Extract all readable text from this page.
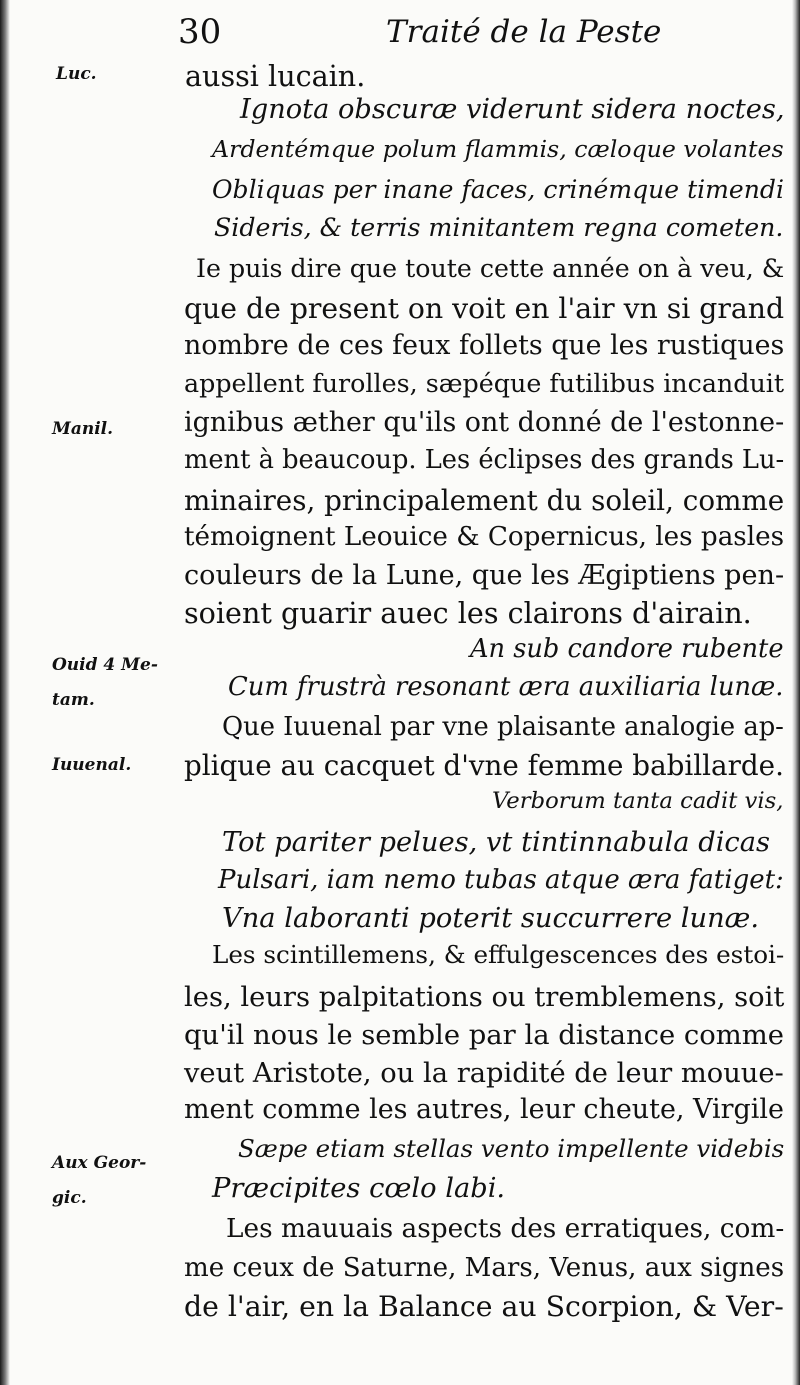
30	Traité de la Peste
Luc.
Manil.
Ouid 4 Me-
tam.
Iuuenal.
Aux Geor-
gic.
aussi lucain.
Ignota obscuræ viderunt sidera noctes,
Ardentémque polum flammis, cæloque volantes
Obliquas per inane faces, crinémque timendi
Sideris, & terris minitantem regna cometen.
Ie puis dire que toute cette année on à veu, &
que de present on voit en l'air vn si grand
nombre de ces feux follets que les rustiques
appellent furolles, sæpéque futilibus incanduit
ignibus æther qu'ils ont donné de l'estonne-
ment à beaucoup. Les éclipses des grands Lu-
minaires, principalement du soleil, comme
témoignent Leouice & Copernicus, les pasles
couleurs de la Lune, que les Ægiptiens pen-
soient guarir auec les clairons d'airain.
An sub candore rubente
Cum frustrà resonant æra auxiliaria lunæ.
Que Iuuenal par vne plaisante analogie ap-
plique au cacquet d'vne femme babillarde.
Verborum tanta cadit vis,
Tot pariter pelues, vt tintinnabula dicas
Pulsari, iam nemo tubas atque æra fatiget:
Vna laboranti poterit succurrere lunæ.
Les scintillemens, & effulgescences des estoi-
les, leurs palpitations ou tremblemens, soit
qu'il nous le semble par la distance comme
veut Aristote, ou la rapidité de leur mouue-
ment comme les autres, leur cheute, Virgile
Sæpe etiam stellas vento impellente videbis
Præcipites cœlo labi.
Les mauuais aspects des erratiques, com-
me ceux de Saturne, Mars, Venus, aux signes
de l'air, en la Balance au Scorpion, & Ver-
